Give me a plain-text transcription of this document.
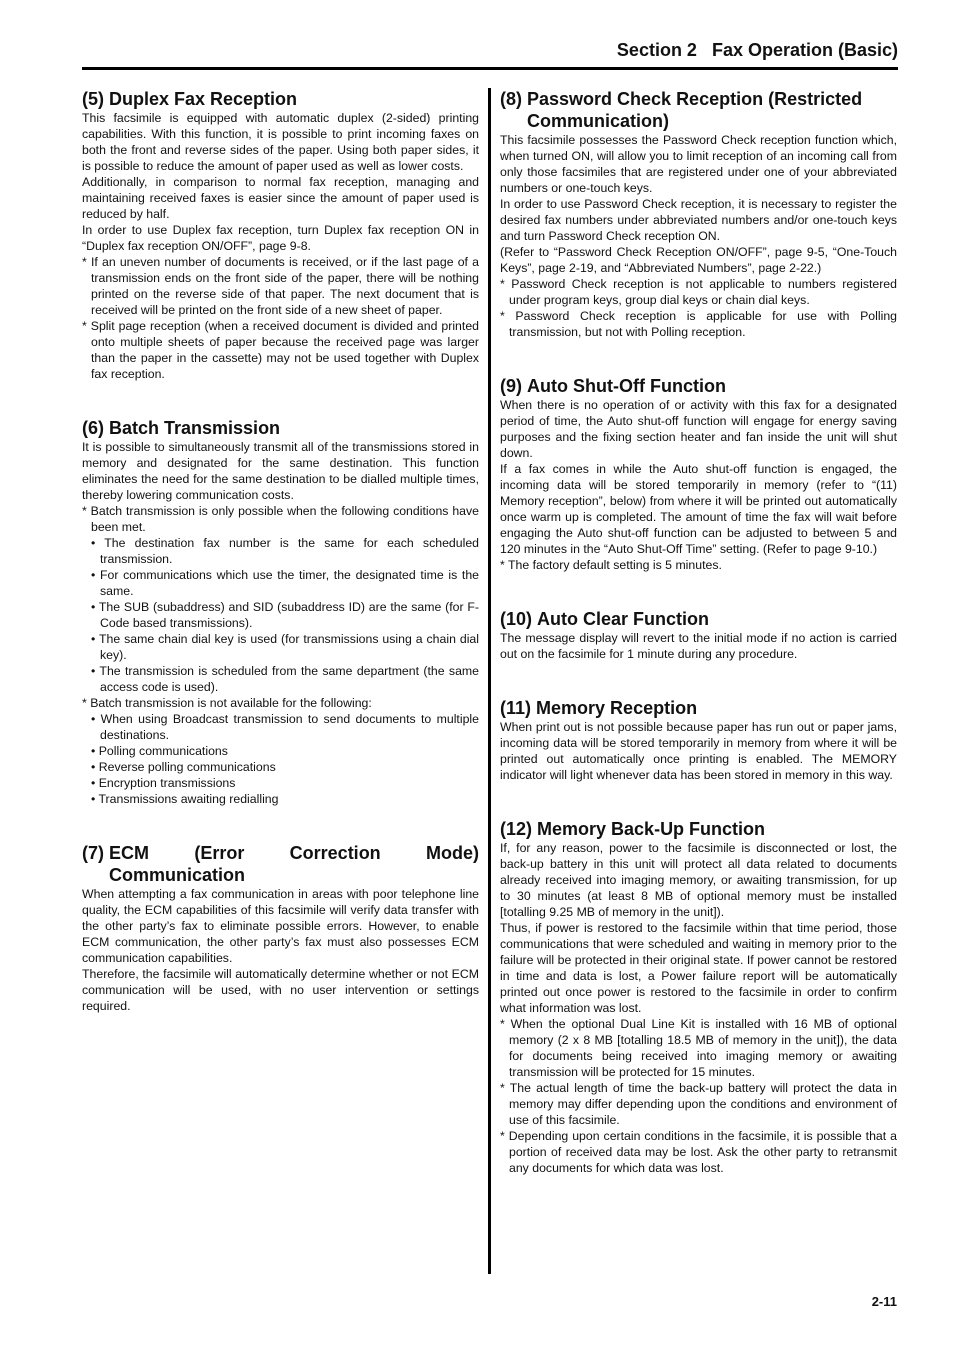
Section 2   Fax Operation (Basic)
(5) Duplex Fax Reception

This facsimile is equipped with automatic duplex (2-sided) printing capabilities. With this function, it is possible to print incoming faxes on both the front and reverse sides of the paper. Using both paper sides, it is possible to reduce the amount of paper used as well as lower costs.

Additionally, in comparison to normal fax reception, managing and maintaining received faxes is easier since the amount of paper used is reduced by half.

In order to use Duplex fax reception, turn Duplex fax reception ON in “Duplex fax reception ON/OFF”, page 9-8.

* If an uneven number of documents is received, or if the last page of a transmission ends on the front side of the paper, there will be nothing printed on the reverse side of that paper. The next document that is received will be printed on the front side of a new sheet of paper.

* Split page reception (when a received document is divided and printed onto multiple sheets of paper because the received page was larger than the paper in the cassette) may not be used together with Duplex fax reception.

(6) Batch Transmission

It is possible to simultaneously transmit all of the transmissions stored in memory and designated for the same destination. This function eliminates the need for the same destination to be dialled multiple times, thereby lowering communication costs.

* Batch transmission is only possible when the following conditions have been met.

• The destination fax number is the same for each scheduled transmission.

• For communications which use the timer, the designated time is the same.

• The SUB (subaddress) and SID (subaddress ID) are the same (for F-Code based transmissions).

• The same chain dial key is used (for transmissions using a chain dial key).

• The transmission is scheduled from the same department (the same access code is used).

* Batch transmission is not available for the following:

• When using Broadcast transmission to send documents to multiple destinations.

• Polling communications

• Reverse polling communications

• Encryption transmissions

• Transmissions awaiting redialling

(7) ECM (Error Correction Mode) Communication

When attempting a fax communication in areas with poor telephone line quality, the ECM capabilities of this facsimile will verify data transfer with the other party’s fax to eliminate possible errors. However, to enable ECM communication, the other party’s fax must also possesses ECM communication capabilities.

Therefore, the facsimile will automatically determine whether or not ECM communication will be used, with no user intervention or settings required.

(8) Password Check Reception (Restricted Communication)

This facsimile possesses the Password Check reception function which, when turned ON, will allow you to limit reception of an incoming call from only those facsimiles that are registered under one of your abbreviated numbers or one-touch keys.

In order to use Password Check reception, it is necessary to register the desired fax numbers under abbreviated numbers and/or one-touch keys and turn Password Check reception ON.

(Refer to “Password Check Reception ON/OFF”, page 9-5, “One-Touch Keys”, page 2-19, and “Abbreviated Numbers”, page 2-22.)

* Password Check reception is not applicable to numbers registered under program keys, group dial keys or chain dial keys.

* Password Check reception is applicable for use with Polling transmission, but not with Polling reception.

(9) Auto Shut-Off Function

When there is no operation of or activity with this fax for a designated period of time, the Auto shut-off function will engage for energy saving purposes and the fixing section heater and fan inside the unit will shut down.

If a fax comes in while the Auto shut-off function is engaged, the incoming data will be stored temporarily in memory (refer to “(11) Memory reception”, below) from where it will be printed out automatically once warm up is completed. The amount of time the fax will wait before engaging the Auto shut-off function can be adjusted to between 5 and 120 minutes in the “Auto Shut-Off Time” setting. (Refer to page 9-10.)

* The factory default setting is 5 minutes.

(10) Auto Clear Function

The message display will revert to the initial mode if no action is carried out on the facsimile for 1 minute during any procedure.

(11) Memory Reception

When print out is not possible because paper has run out or paper jams, incoming data will be stored temporarily in memory from where it will be printed out automatically once printing is enabled. The MEMORY indicator will light whenever data has been stored in memory in this way.

(12) Memory Back-Up Function

If, for any reason, power to the facsimile is disconnected or lost, the back-up battery in this unit will protect all data related to documents already received into imaging memory, or awaiting transmission, for up to 30 minutes (at least 8 MB of optional memory must be installed [totalling 9.25 MB of memory in the unit]).

Thus, if power is restored to the facsimile within that time period, those communications that were scheduled and waiting in memory prior to the failure will be protected in their original state. If power cannot be restored in time and data is lost, a Power failure report will be automatically printed out once power is restored to the facsimile in order to confirm what information was lost.

* When the optional Dual Line Kit is installed with 16 MB of optional memory (2 x 8 MB [totalling 18.5 MB of memory in the unit]), the data for documents being received into imaging memory or awaiting transmission will be protected for 15 minutes.

* The actual length of time the back-up battery will protect the data in memory may differ depending upon the conditions and environment of use of this facsimile.

* Depending upon certain conditions in the facsimile, it is possible that a portion of received data may be lost. Ask the other party to retransmit any documents for which data was lost.

2-11
